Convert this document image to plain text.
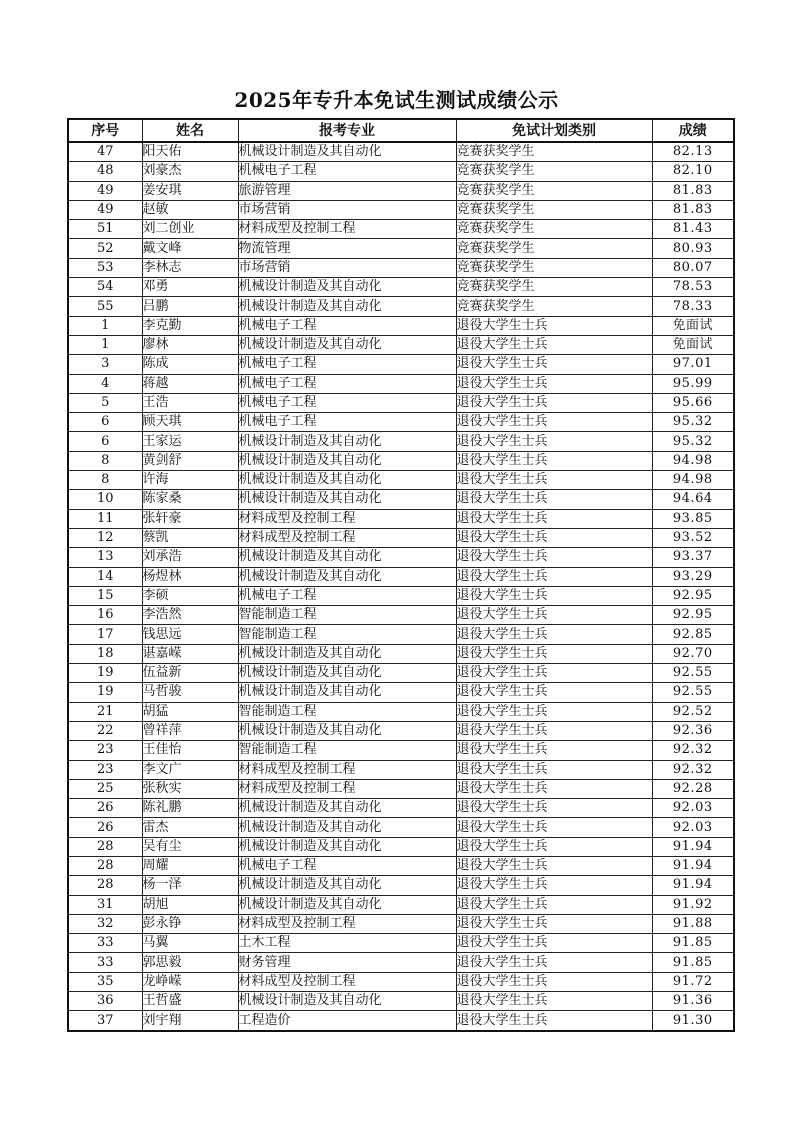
2025年专升本免试生测试成绩公示
序号	姓名	报考专业	免试计划类别	成绩
47	阳天佑	机械设计制造及其自动化	竞赛获奖学生	82.13
48	刘豪杰	机械电子工程	竞赛获奖学生	82.10
49	姜安琪	旅游管理	竞赛获奖学生	81.83
49	赵敏	市场营销	竞赛获奖学生	81.83
51	刘二创业	材料成型及控制工程	竞赛获奖学生	81.43
52	戴文峰	物流管理	竞赛获奖学生	80.93
53	李林志	市场营销	竞赛获奖学生	80.07
54	邓勇	机械设计制造及其自动化	竞赛获奖学生	78.53
55	吕鹏	机械设计制造及其自动化	竞赛获奖学生	78.33
1	李克勤	机械电子工程	退役大学生士兵	免面试
1	廖林	机械设计制造及其自动化	退役大学生士兵	免面试
3	陈成	机械电子工程	退役大学生士兵	97.01
4	蒋越	机械电子工程	退役大学生士兵	95.99
5	王浩	机械电子工程	退役大学生士兵	95.66
6	顾天琪	机械电子工程	退役大学生士兵	95.32
6	王家运	机械设计制造及其自动化	退役大学生士兵	95.32
8	黄剑舒	机械设计制造及其自动化	退役大学生士兵	94.98
8	许海	机械设计制造及其自动化	退役大学生士兵	94.98
10	陈家桑	机械设计制造及其自动化	退役大学生士兵	94.64
11	张轩豪	材料成型及控制工程	退役大学生士兵	93.85
12	蔡凯	材料成型及控制工程	退役大学生士兵	93.52
13	刘承浩	机械设计制造及其自动化	退役大学生士兵	93.37
14	杨煜林	机械设计制造及其自动化	退役大学生士兵	93.29
15	李硕	机械电子工程	退役大学生士兵	92.95
16	李浩然	智能制造工程	退役大学生士兵	92.95
17	钱思远	智能制造工程	退役大学生士兵	92.85
18	谌嘉嵘	机械设计制造及其自动化	退役大学生士兵	92.70
19	伍益新	机械设计制造及其自动化	退役大学生士兵	92.55
19	马哲骏	机械设计制造及其自动化	退役大学生士兵	92.55
21	胡猛	智能制造工程	退役大学生士兵	92.52
22	曾祥萍	机械设计制造及其自动化	退役大学生士兵	92.36
23	王佳怡	智能制造工程	退役大学生士兵	92.32
23	李文广	材料成型及控制工程	退役大学生士兵	92.32
25	张秋实	材料成型及控制工程	退役大学生士兵	92.28
26	陈礼鹏	机械设计制造及其自动化	退役大学生士兵	92.03
26	雷杰	机械设计制造及其自动化	退役大学生士兵	92.03
28	吴有尘	机械设计制造及其自动化	退役大学生士兵	91.94
28	周耀	机械电子工程	退役大学生士兵	91.94
28	杨一泽	机械设计制造及其自动化	退役大学生士兵	91.94
31	胡旭	机械设计制造及其自动化	退役大学生士兵	91.92
32	彭永铮	材料成型及控制工程	退役大学生士兵	91.88
33	马翼	土木工程	退役大学生士兵	91.85
33	郭思毅	财务管理	退役大学生士兵	91.85
35	龙峥嵘	材料成型及控制工程	退役大学生士兵	91.72
36	王哲盛	机械设计制造及其自动化	退役大学生士兵	91.36
37	刘宇翔	工程造价	退役大学生士兵	91.30
